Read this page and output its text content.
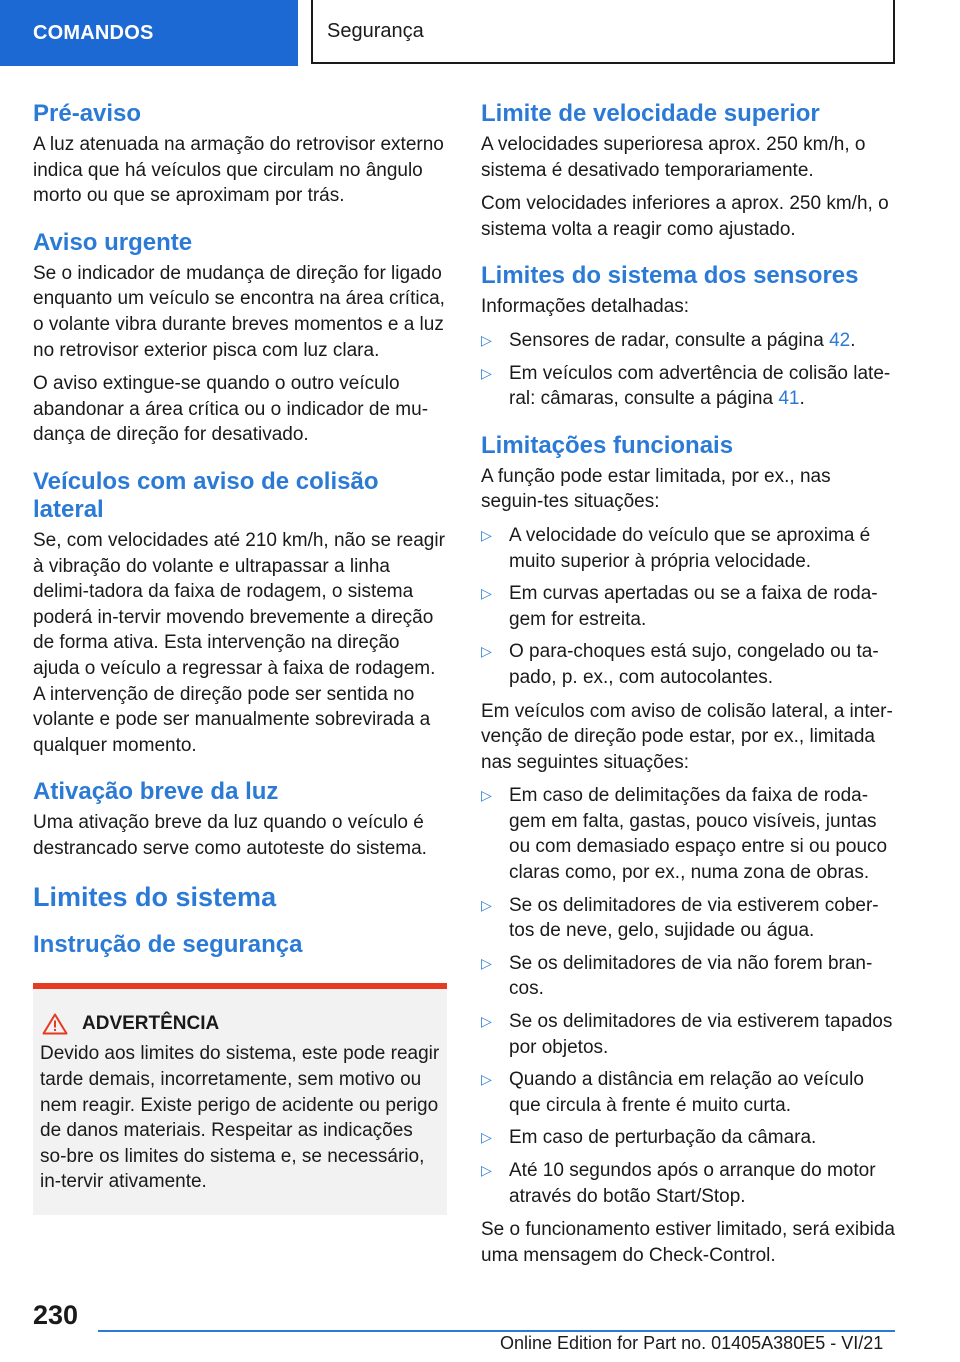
COMANDOS	Segurança
Pré-aviso

A luz atenuada na armação do retrovisor externo indica que há veículos que circulam no ângulo morto ou que se aproximam por trás.

Aviso urgente

Se o indicador de mudança de direção for ligado enquanto um veículo se encontra na área crítica, o volante vibra durante breves momentos e a luz no retrovisor exterior pisca com luz clara.

O aviso extingue-se quando o outro veículo abandonar a área crítica ou o indicador de mu-dança de direção for desativado.

Veículos com aviso de colisão lateral

Se, com velocidades até 210 km/h, não se reagir à vibração do volante e ultrapassar a linha delimi-tadora da faixa de rodagem, o sistema poderá in-tervir movendo brevemente a direção de forma ativa. Esta intervenção na direção ajuda o veículo a regressar à faixa de rodagem. A intervenção de direção pode ser sentida no volante e pode ser manualmente sobrevirada a qualquer momento.

Ativação breve da luz

Uma ativação breve da luz quando o veículo é destrancado serve como autoteste do sistema.

Limites do sistema
Instrução de segurança
ADVERTÊNCIA

Devido aos limites do sistema, este pode reagir tarde demais, incorretamente, sem motivo ou nem reagir. Existe perigo de acidente ou perigo de danos materiais. Respeitar as indicações so-bre os limites do sistema e, se necessário, in-tervir ativamente.

Limite de velocidade superior

A velocidades superioresa aprox. 250 km/h, o sistema é desativado temporariamente.

Com velocidades inferiores a aprox. 250 km/h, o sistema volta a reagir como ajustado.

Limites do sistema dos sensores

Informações detalhadas:

▷ Sensores de radar, consulte a página 42.
▷ Em veículos com advertência de colisão late-ral: câmaras, consulte a página 41.
Limitações funcionais

A função pode estar limitada, por ex., nas seguin-tes situações:

▷ A velocidade do veículo que se aproxima é muito superior à própria velocidade.
▷ Em curvas apertadas ou se a faixa de roda-gem for estreita.
▷ O para-choques está sujo, congelado ou ta-pado, p. ex., com autocolantes.

Em veículos com aviso de colisão lateral, a inter-venção de direção pode estar, por ex., limitada nas seguintes situações:

▷ Em caso de delimitações da faixa de roda-gem em falta, gastas, pouco visíveis, juntas ou com demasiado espaço entre si ou pouco claras como, por ex., numa zona de obras.
▷ Se os delimitadores de via estiverem cober-tos de neve, gelo, sujidade ou água.
▷ Se os delimitadores de via não forem bran-cos.
▷ Se os delimitadores de via estiverem tapados por objetos.
▷ Quando a distância em relação ao veículo que circula à frente é muito curta.
▷ Em caso de perturbação da câmara.
▷ Até 10 segundos após o arranque do motor através do botão Start/Stop.

Se o funcionamento estiver limitado, será exibida uma mensagem do Check-Control.

230
Online Edition for Part no. 01405A380E5 - VI/21
